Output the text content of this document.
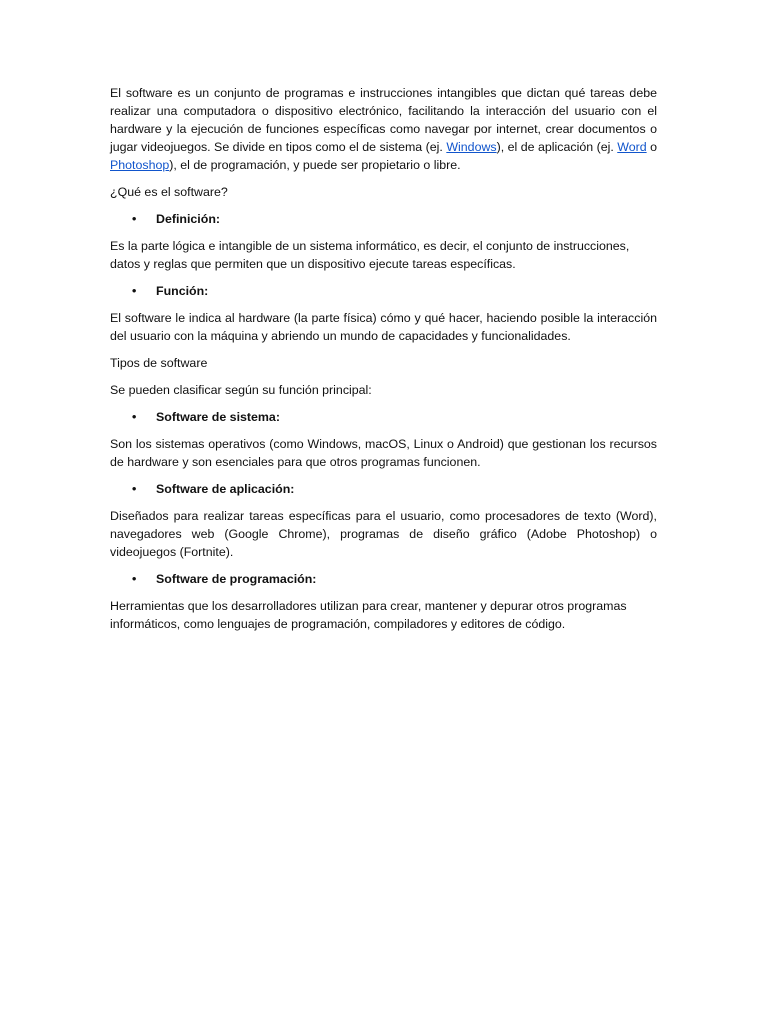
El software es un conjunto de programas e instrucciones intangibles que dictan qué tareas debe realizar una computadora o dispositivo electrónico, facilitando la interacción del usuario con el hardware y la ejecución de funciones específicas como navegar por internet, crear documentos o jugar videojuegos. Se divide en tipos como el de sistema (ej. Windows), el de aplicación (ej. Word o Photoshop), el de programación, y puede ser propietario o libre.

¿Qué es el software?

• Definición:

Es la parte lógica e intangible de un sistema informático, es decir, el conjunto de instrucciones, datos y reglas que permiten que un dispositivo ejecute tareas específicas.

• Función:

El software le indica al hardware (la parte física) cómo y qué hacer, haciendo posible la interacción del usuario con la máquina y abriendo un mundo de capacidades y funcionalidades.

Tipos de software

Se pueden clasificar según su función principal:

• Software de sistema:

Son los sistemas operativos (como Windows, macOS, Linux o Android) que gestionan los recursos de hardware y son esenciales para que otros programas funcionen.

• Software de aplicación:

Diseñados para realizar tareas específicas para el usuario, como procesadores de texto (Word), navegadores web (Google Chrome), programas de diseño gráfico (Adobe Photoshop) o videojuegos (Fortnite).

• Software de programación:

Herramientas que los desarrolladores utilizan para crear, mantener y depurar otros programas informáticos, como lenguajes de programación, compiladores y editores de código.
